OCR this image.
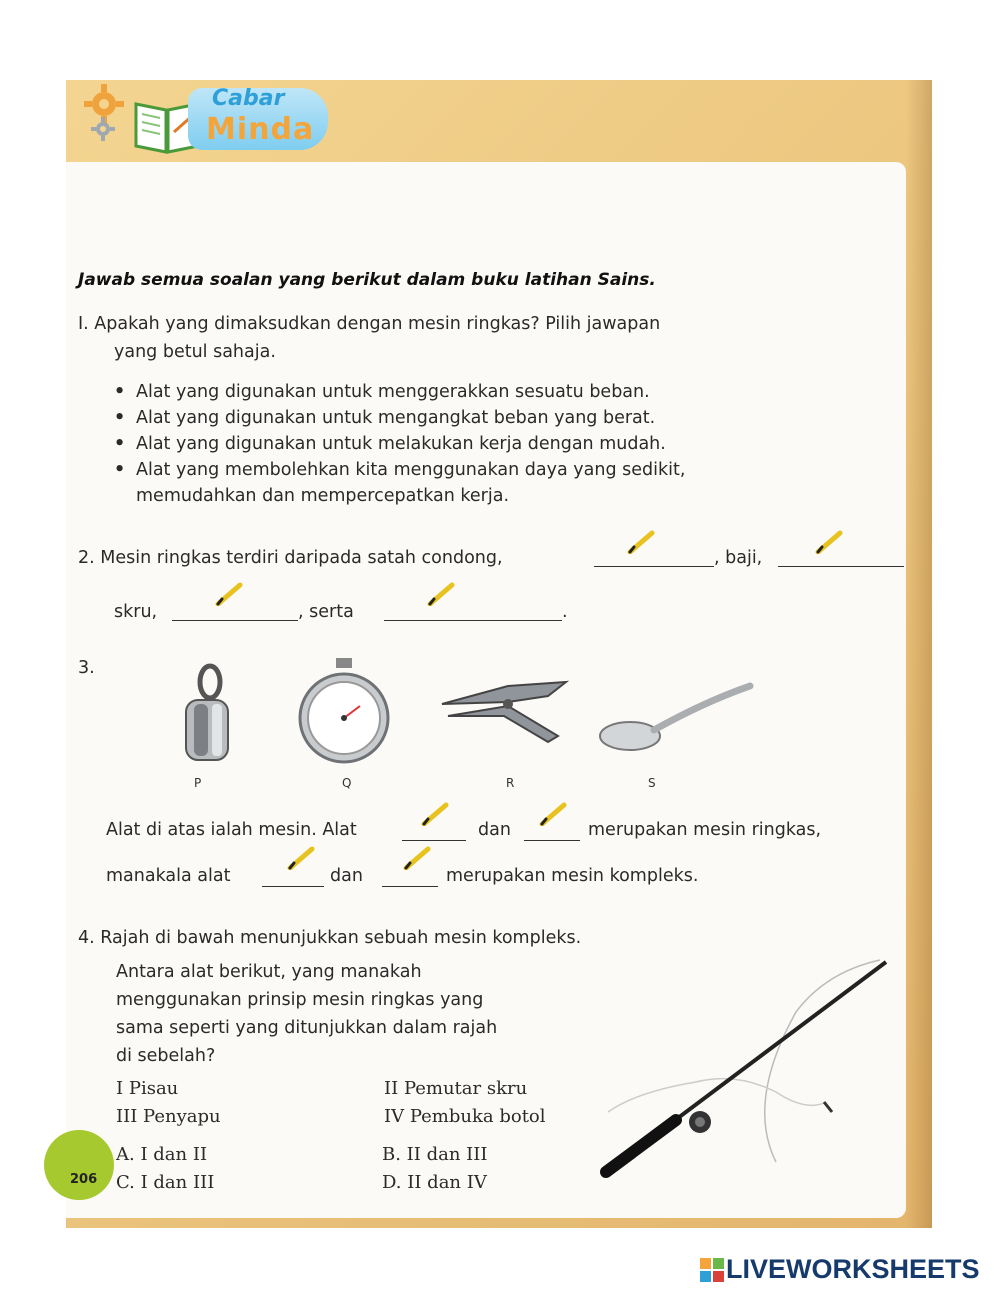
Cabar
Minda
Jawab semua soalan yang berikut dalam buku latihan Sains.
I. Apakah yang dimaksudkan dengan mesin ringkas? Pilih jawapan
yang betul sahaja.
• Alat yang digunakan untuk menggerakkan sesuatu beban.
• Alat yang digunakan untuk mengangkat beban yang berat.
• Alat yang digunakan untuk melakukan kerja dengan mudah.
• Alat yang membolehkan kita menggunakan daya yang sedikit,
memudahkan dan mempercepatkan kerja.
2. Mesin ringkas terdiri daripada satah condong,	, baji,
skru,	, serta	.
3.
P	Q	R	S
Alat di atas ialah mesin. Alat	dan	merupakan mesin ringkas,
manakala alat	dan	merupakan mesin kompleks.
4. Rajah di bawah menunjukkan sebuah mesin kompleks.
Antara alat berikut, yang manakah
menggunakan prinsip mesin ringkas yang
sama seperti yang ditunjukkan dalam rajah
di sebelah?
I Pisau	II Pemutar skru
III Penyapu	IV Pembuka botol
A. I dan II	B. II dan III
C. I dan III	D. II dan IV
206
LIVEWORKSHEETS
